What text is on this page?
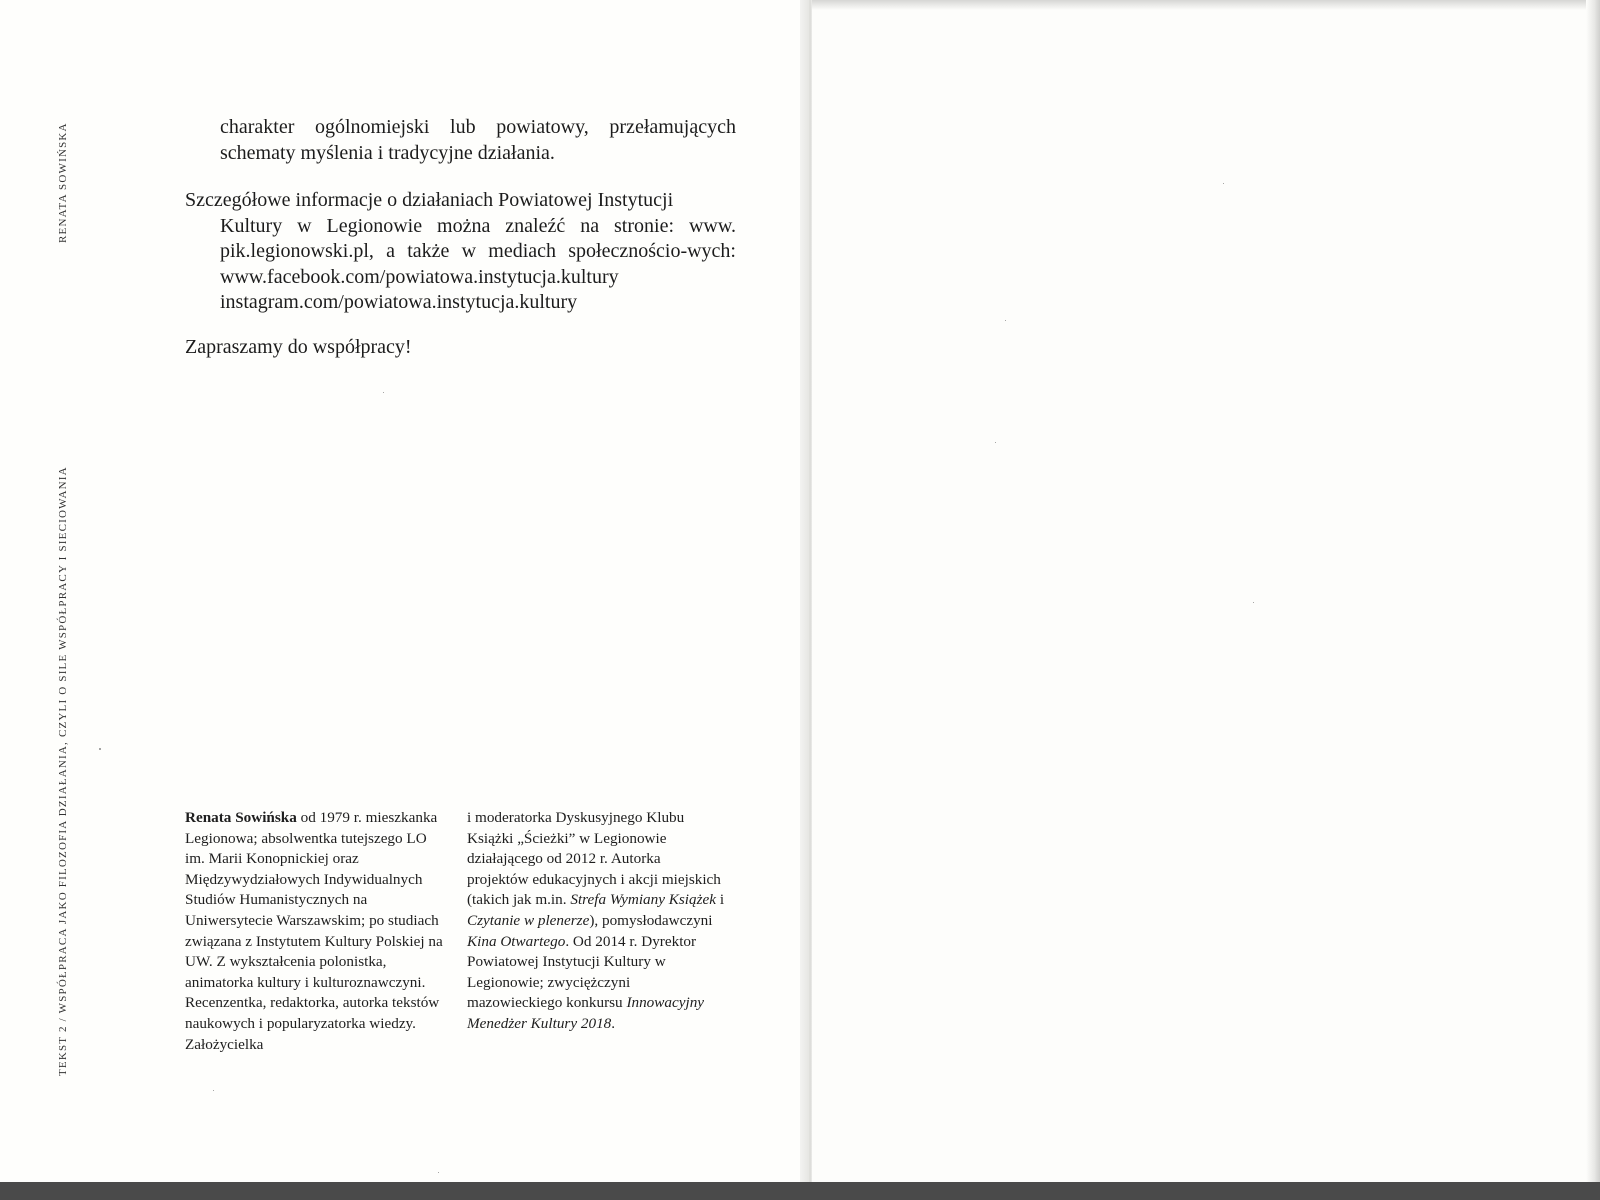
RENATA SOWIŃSKA
TEKST 2 / WSPÓŁPRACA JAKO FILOZOFIA DZIAŁANIA, CZYLI O SILE WSPÓŁPRACY I SIECIOWANIA

charakter ogólnomiejski lub powiatowy, przełamujących schematy myślenia i tradycyjne działania.

Szczegółowe informacje o działaniach Powiatowej Instytucji
Kultury w Legionowie można znaleźć na stronie: www. pik.legionowski.pl, a także w mediach społecznościo-wych: www.facebook.com/powiatowa.instytucja.kultury instagram.com/powiatowa.instytucja.kultury

Zapraszamy do współpracy!

Renata Sowińska od 1979 r. mieszkanka Legionowa; absolwentka tutejszego LO im. Marii Konopnickiej oraz Międzywydziałowych Indywidualnych Studiów Humanistycznych na Uniwersytecie Warszawskim; po studiach związana z Instytutem Kultury Polskiej na UW. Z wykształcenia polonistka, animatorka kultury i kulturoznawczyni. Recenzentka, redaktorka, autorka tekstów naukowych i popularyzatorka wiedzy. Założycielka
i moderatorka Dyskusyjnego Klubu Książki „Ścieżki” w Legionowie działającego od 2012 r. Autorka projektów edukacyjnych i akcji miejskich (takich jak m.in. Strefa Wymiany Książek i Czytanie w plenerze), pomysłodawczyni Kina Otwartego. Od 2014 r. Dyrektor Powiatowej Instytucji Kultury w Legionowie; zwyciężczyni mazowieckiego konkursu Innowacyjny Menedżer Kultury 2018.
